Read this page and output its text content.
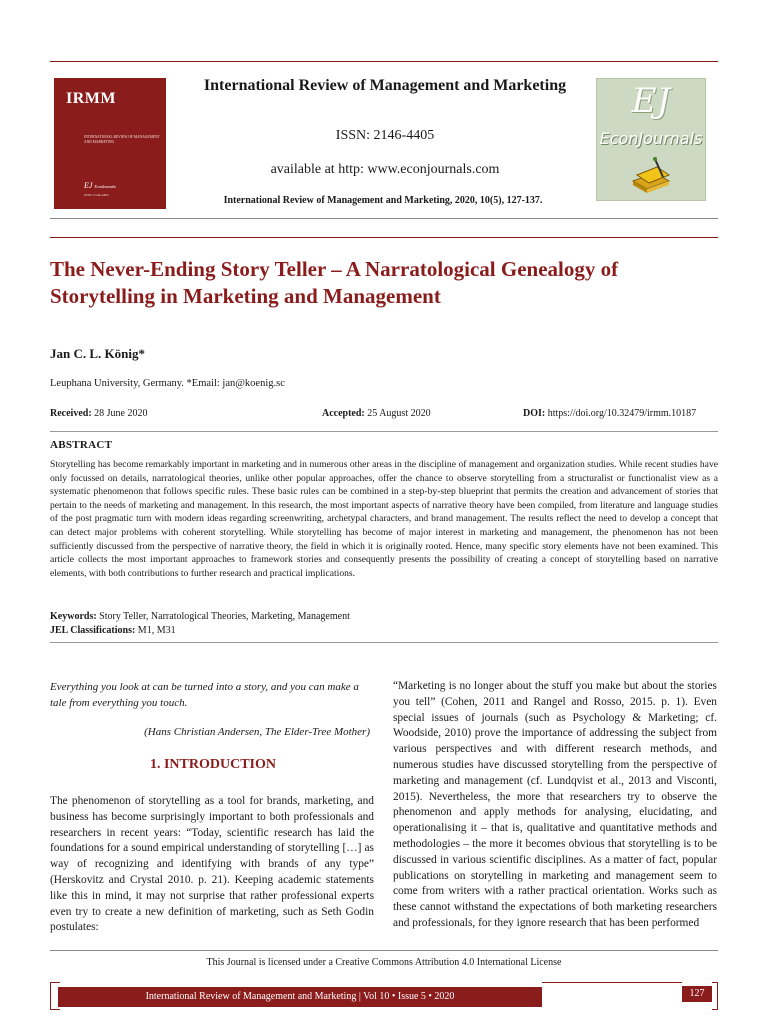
IRMM
INTERNATIONAL REVIEW OF MANAGEMENT AND MARKETING
EJ EconJournals
ISSN: 2146-4405
International Review of Management and Marketing
ISSN: 2146-4405
available at http: www.econjournals.com
International Review of Management and Marketing, 2020, 10(5), 127-137.
EJ
EconJournals
The Never-Ending Story Teller – A Narratological Genealogy of Storytelling in Marketing and Management
Jan C. L. König*
Leuphana University, Germany. *Email: jan@koenig.sc
Received: 28 June 2020	Accepted: 25 August 2020	DOI: https://doi.org/10.32479/irmm.10187
ABSTRACT
Storytelling has become remarkably important in marketing and in numerous other areas in the discipline of management and organization studies. While recent studies have only focussed on details, narratological theories, unlike other popular approaches, offer the chance to observe storytelling from a structuralist or functionalist view as a systematic phenomenon that follows specific rules. These basic rules can be combined in a step-by-step blueprint that permits the creation and advancement of stories that pertain to the needs of marketing and management. In this research, the most important aspects of narrative theory have been compiled, from literature and language studies of the post pragmatic turn with modern ideas regarding screenwriting, archetypal characters, and brand management. The results reflect the need to develop a concept that can detect major problems with coherent storytelling. While storytelling has become of major interest in marketing and management, the phenomenon has not been sufficiently discussed from the perspective of narrative theory, the field in which it is originally rooted. Hence, many specific story elements have not been examined. This article collects the most important approaches to framework stories and consequently presents the possibility of creating a concept of storytelling based on narrative elements, with both contributions to further research and practical implications.
Keywords: Story Teller, Narratological Theories, Marketing, Management
JEL Classifications: M1, M31
Everything you look at can be turned into a story, and you can make a tale from everything you touch.
(Hans Christian Andersen, The Elder-Tree Mother)
1. INTRODUCTION
The phenomenon of storytelling as a tool for brands, marketing, and business has become surprisingly important to both professionals and researchers in recent years: “Today, scientific research has laid the foundations for a sound empirical understanding of storytelling […] as way of recognizing and identifying with brands of any type” (Herskovitz and Crystal 2010. p. 21). Keeping academic statements like this in mind, it may not surprise that rather professional experts even try to create a new definition of marketing, such as Seth Godin postulates:
“Marketing is no longer about the stuff you make but about the stories you tell” (Cohen, 2011 and Rangel and Rosso, 2015. p. 1). Even special issues of journals (such as Psychology & Marketing; cf. Woodside, 2010) prove the importance of addressing the subject from various perspectives and with different research methods, and numerous studies have discussed storytelling from the perspective of marketing and management (cf. Lundqvist et al., 2013 and Visconti, 2015). Nevertheless, the more that researchers try to observe the phenomenon and apply methods for analysing, elucidating, and operationalising it – that is, qualitative and quantitative methods and methodologies – the more it becomes obvious that storytelling is to be discussed in various scientific disciplines. As a matter of fact, popular publications on storytelling in marketing and management seem to come from writers with a rather practical orientation. Works such as these cannot withstand the expectations of both marketing researchers and professionals, for they ignore research that has been performed
This Journal is licensed under a Creative Commons Attribution 4.0 International License
International Review of Management and Marketing | Vol 10 • Issue 5 • 2020	127
